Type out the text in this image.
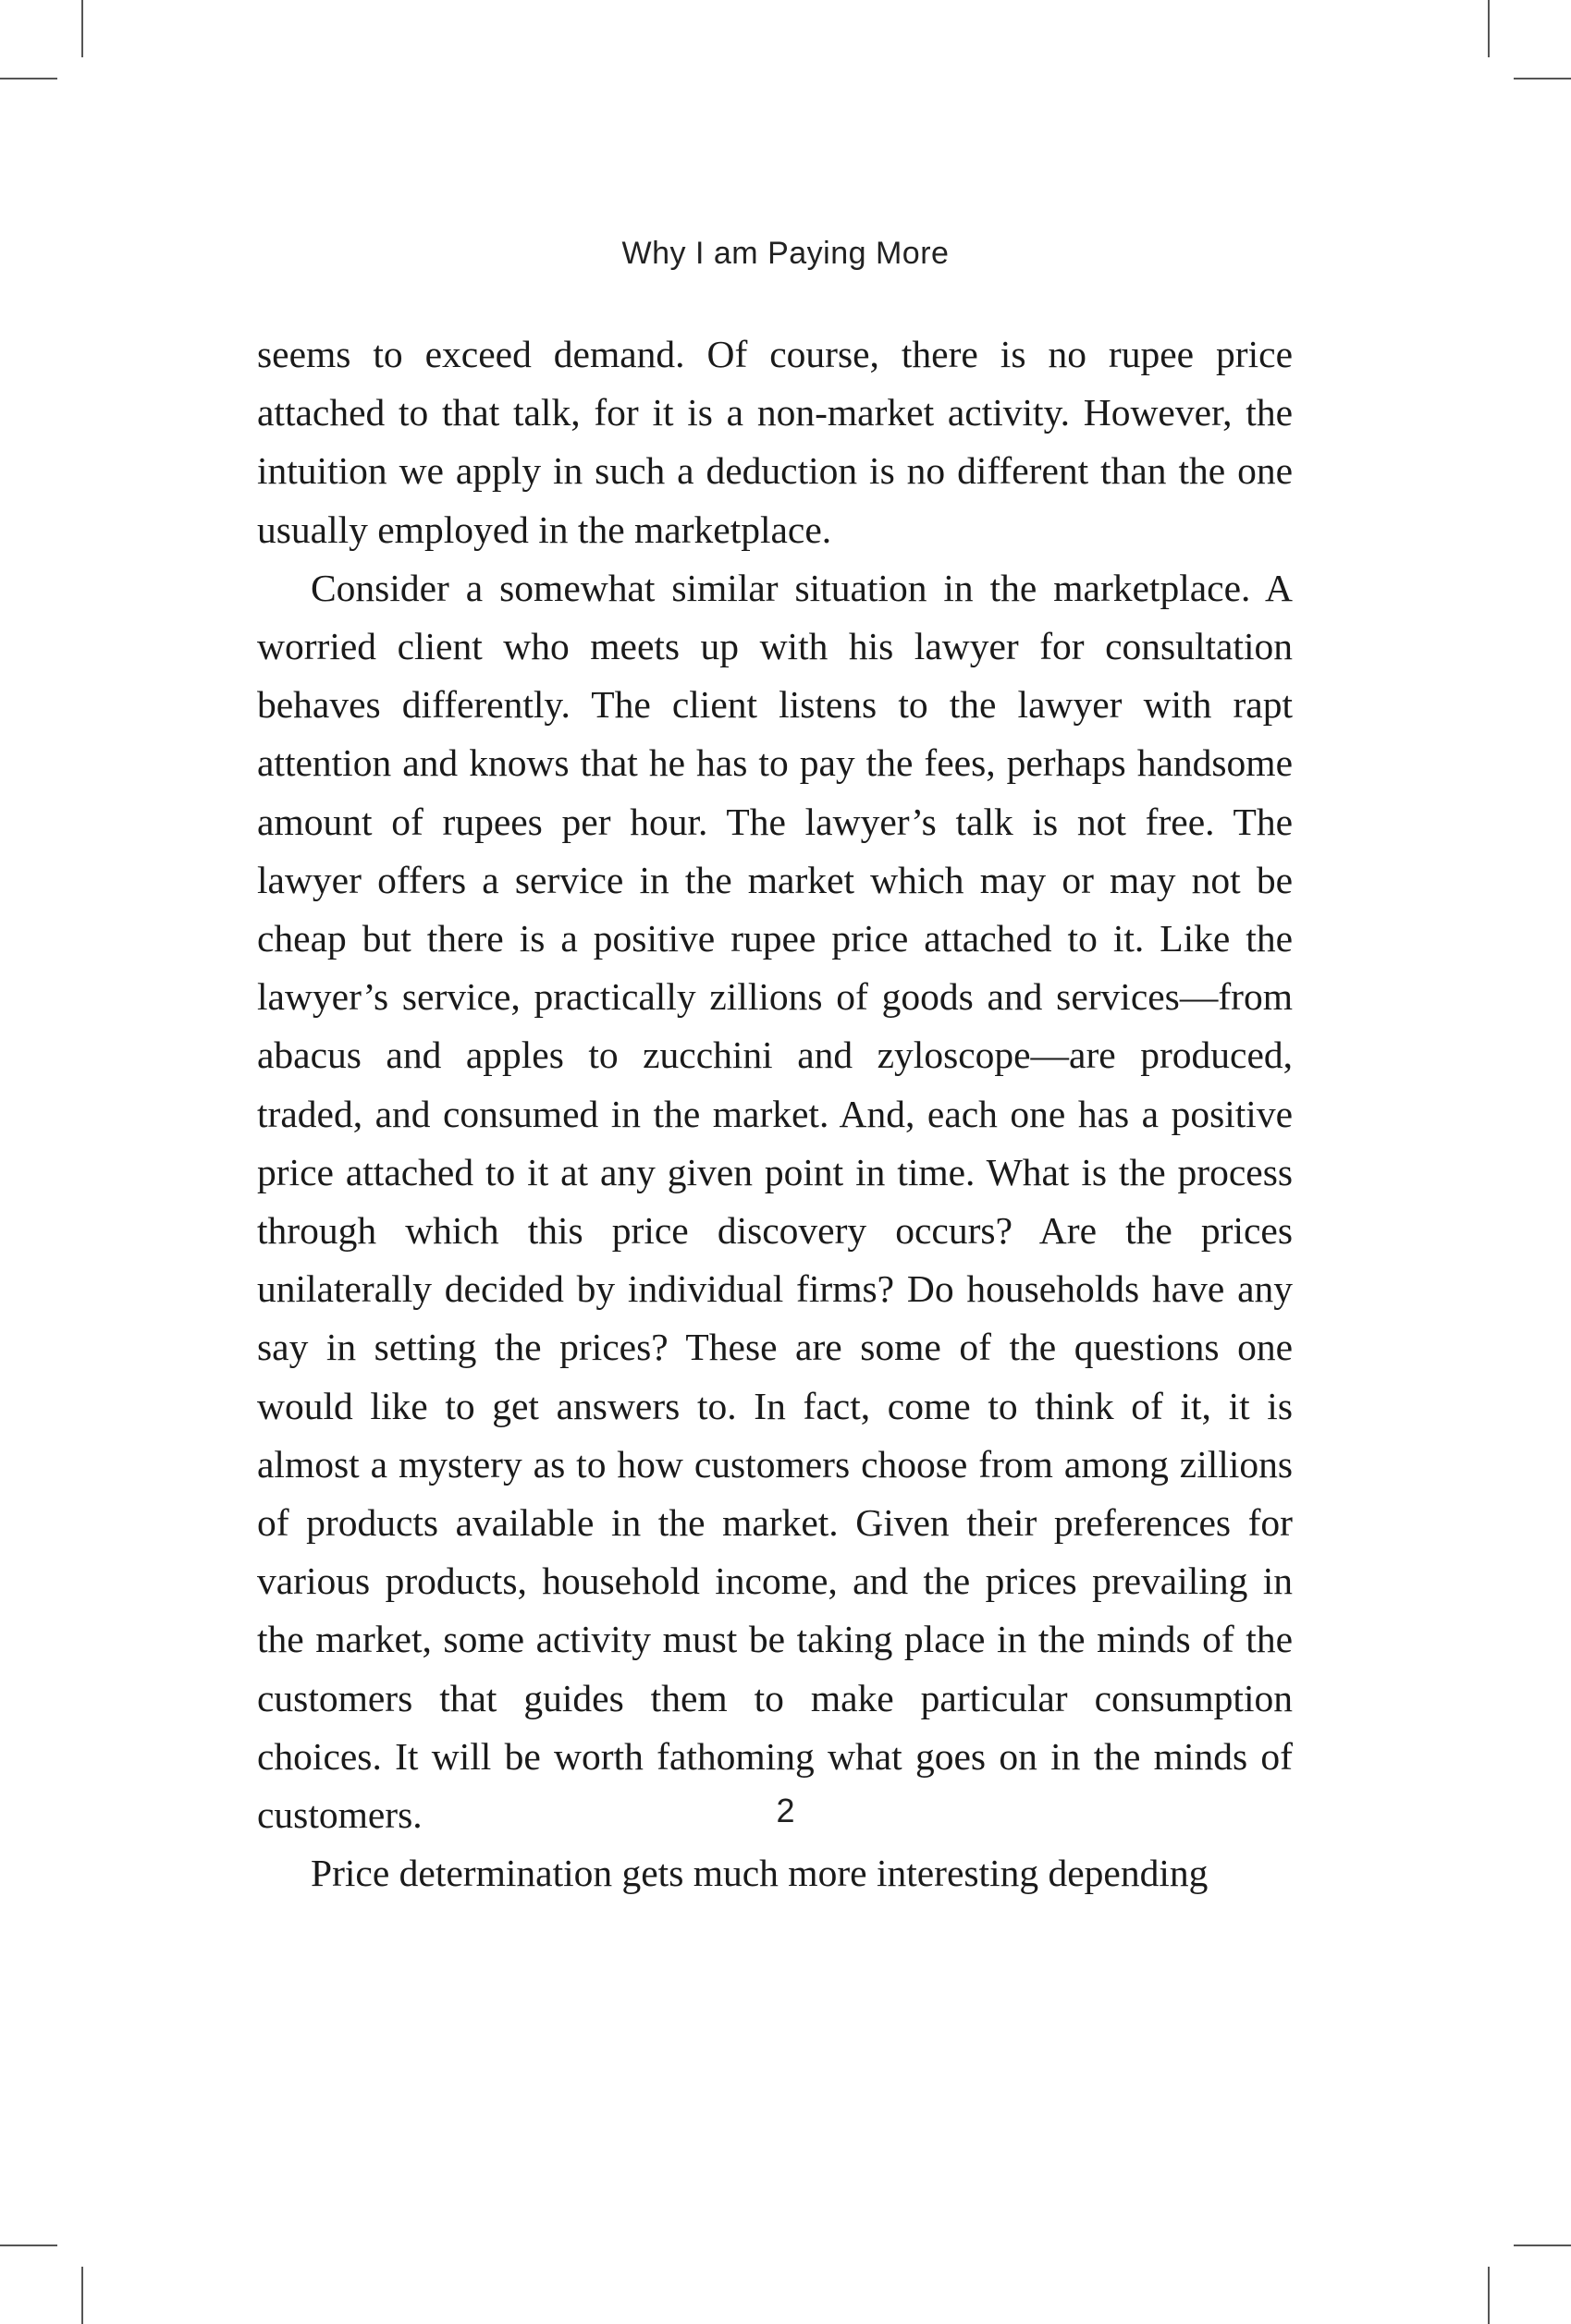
Why I am Paying More

seems to exceed demand. Of course, there is no rupee price attached to that talk, for it is a non-market activity. However, the intuition we apply in such a deduction is no different than the one usually employed in the marketplace.

Consider a somewhat similar situation in the marketplace. A worried client who meets up with his lawyer for consultation behaves differently. The client listens to the lawyer with rapt attention and knows that he has to pay the fees, perhaps handsome amount of rupees per hour. The lawyer’s talk is not free. The lawyer offers a service in the market which may or may not be cheap but there is a positive rupee price attached to it. Like the lawyer’s service, practically zillions of goods and services—from abacus and apples to zucchini and zyloscope—are produced, traded, and consumed in the market. And, each one has a positive price attached to it at any given point in time. What is the process through which this price discovery occurs? Are the prices unilaterally decided by individual firms? Do households have any say in setting the prices? These are some of the questions one would like to get answers to. In fact, come to think of it, it is almost a mystery as to how customers choose from among zillions of products available in the market. Given their preferences for various products, household income, and the prices prevailing in the market, some activity must be taking place in the minds of the customers that guides them to make particular consumption choices. It will be worth fathoming what goes on in the minds of customers.

Price determination gets much more interesting depending

2
